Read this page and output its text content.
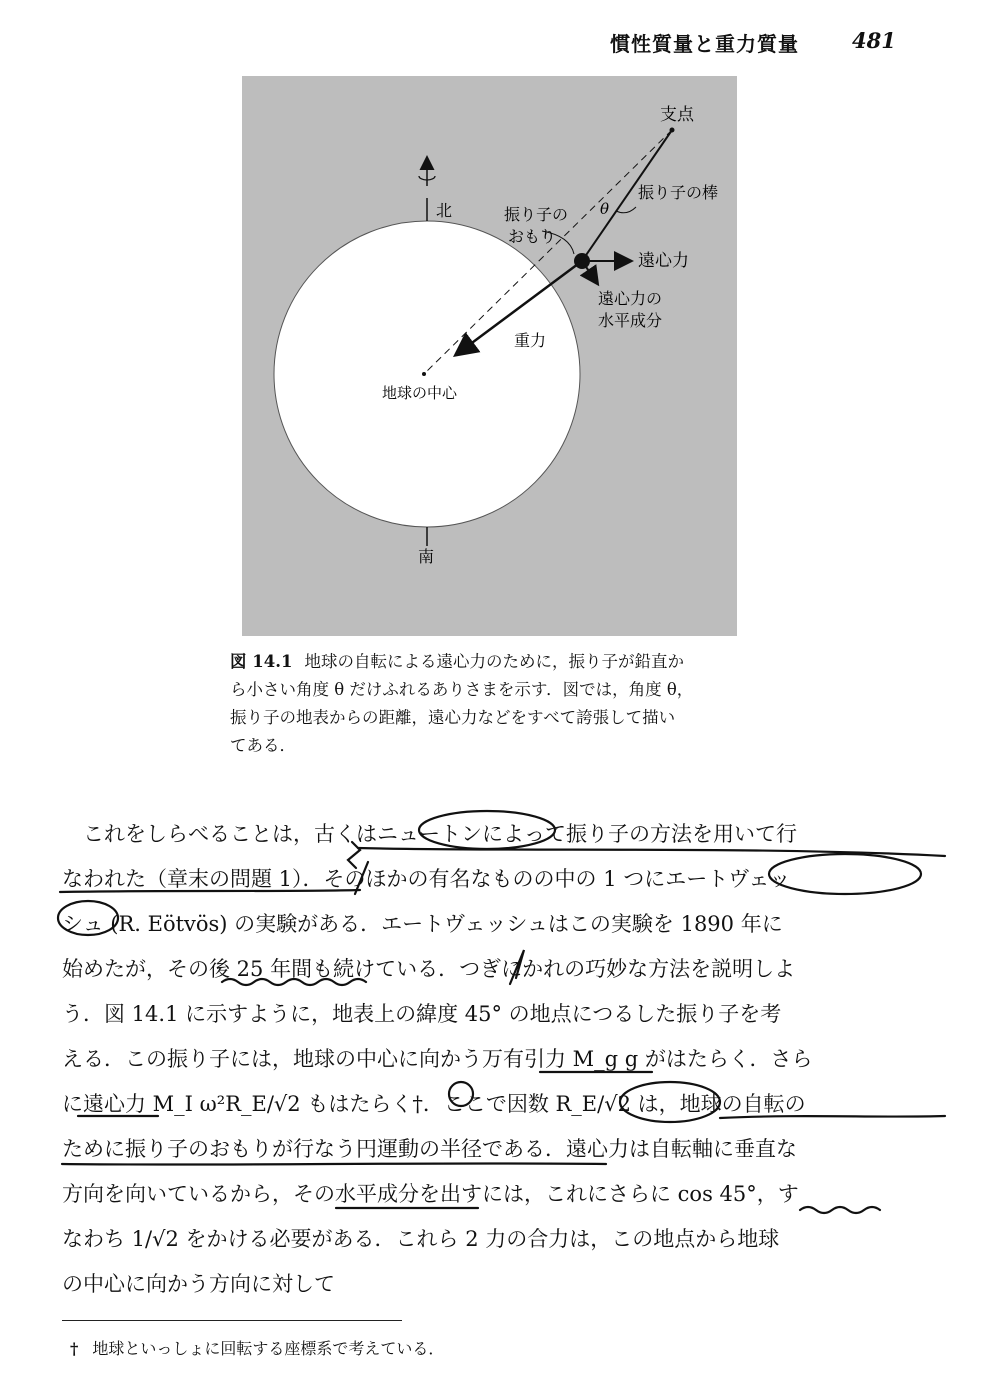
慣性質量と重力質量	481
支点
振り子の棒
θ
振り子の
おもり
遠心力
遠心力の
水平成分
重力
北
南
地球の中心
図 14.1 地球の自転による遠心力のために，振り子が鉛直か
ら小さい角度 θ だけふれるありさまを示す．図では，角度 θ，
振り子の地表からの距離，遠心力などをすべて誇張して描い
てある．
　これをしらべることは，古くはニュートンによって振り子の方法を用いて行
なわれた（章末の問題 1）．そのほかの有名なものの中の 1 つにエートヴェッ
シュ (R. Eötvös) の実験がある．エートヴェッシュはこの実験を 1890 年に
始めたが，その後 25 年間も続けている．つぎにかれの巧妙な方法を説明しよ
う．図 14.1 に示すように，地表上の緯度 45° の地点につるした振り子を考
える．この振り子には，地球の中心に向かう万有引力 M_g g がはたらく．さら
に遠心力 M_I ω²R_E/√2 もはたらく†．ここで因数 R_E/√2 は，地球の自転の
ために振り子のおもりが行なう円運動の半径である．遠心力は自転軸に垂直な
方向を向いているから，その水平成分を出すには，これにさらに cos 45°，す
なわち 1/√2 をかける必要がある．これら 2 力の合力は，この地点から地球
の中心に向かう方向に対して
† 地球といっしょに回転する座標系で考えている．
